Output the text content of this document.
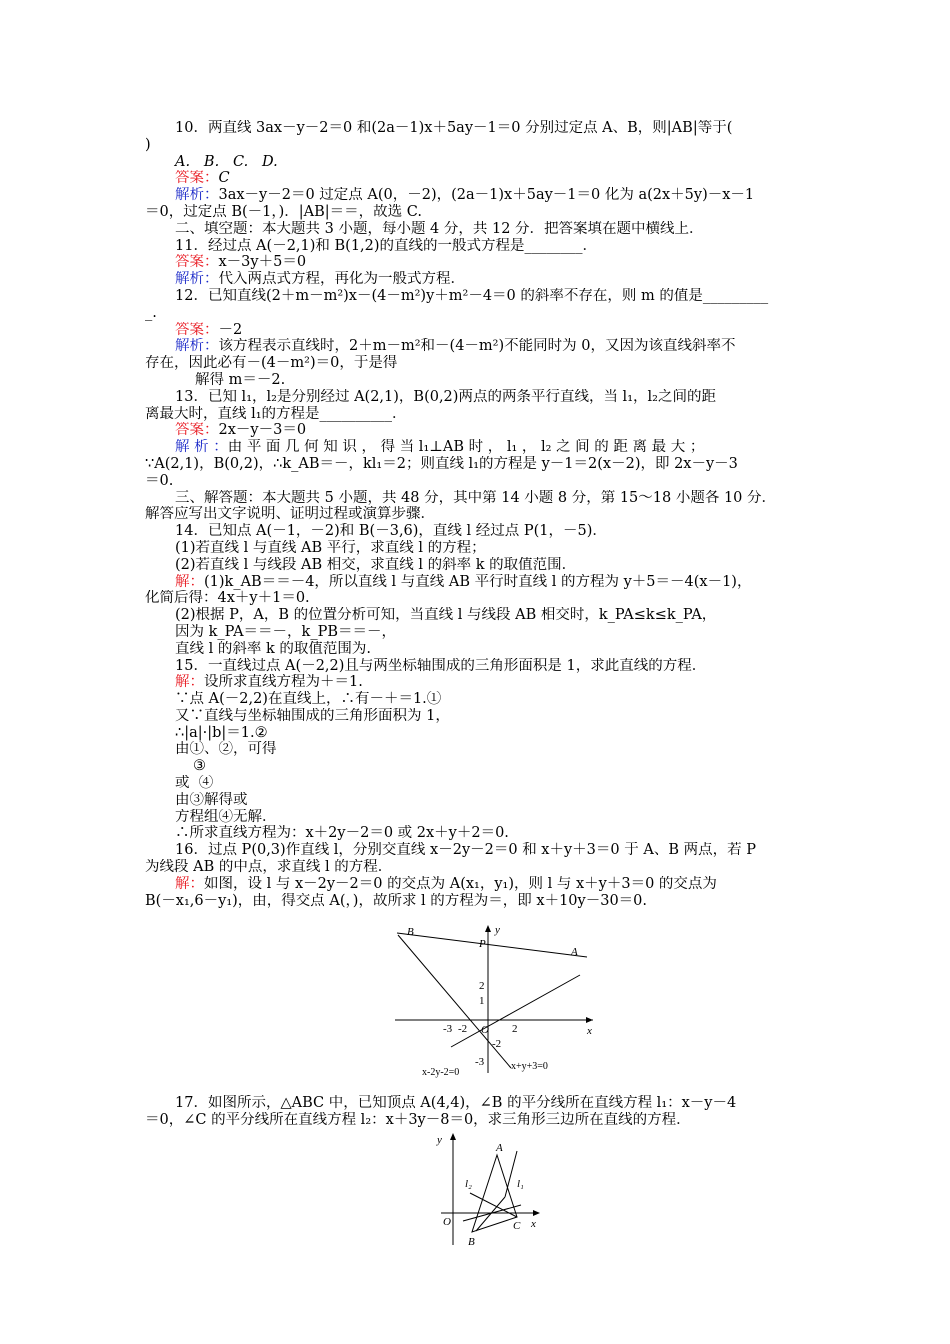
10．两直线 3ax－y－2＝0 和(2a－1)x＋5ay－1＝0 分别过定点 A、B，则|AB|等于(
)
A.   B.   C.   D.
答案：C
解析：3ax－y－2＝0 过定点 A(0，－2)，(2a－1)x＋5ay－1＝0 化为 a(2x＋5y)－x－1
＝0，过定点 B(－1，)．|AB|＝＝，故选 C.
二、填空题：本大题共 3 小题，每小题 4 分，共 12 分．把答案填在题中横线上．
11．经过点 A(－2,1)和 B(1,2)的直线的一般式方程是________．
答案：x－3y＋5＝0
解析：代入两点式方程，再化为一般式方程．
12．已知直线(2＋m－m²)x－(4－m²)y＋m²－4＝0 的斜率不存在，则 m 的值是_________
_.
答案：－2
解析：该方程表示直线时，2＋m－m²和－(4－m²)不能同时为 0，又因为该直线斜率不
存在，因此必有－(4－m²)＝0，于是得
解得 m＝－2.
13．已知 l₁，l₂是分别经过 A(2,1)，B(0,2)两点的两条平行直线，当 l₁，l₂之间的距
离最大时，直线 l₁的方程是__________．
答案：2x－y－3＝0
解 析 ：由 平 面 几 何 知 识 ， 得 当 l₁⊥AB 时 ， l₁ ， l₂ 之 间 的 距 离 最 大 ；
∵A(2,1)，B(0,2)，∴k_AB＝－，kl₁＝2；则直线 l₁的方程是 y－1＝2(x－2)，即 2x－y－3
＝0.
三、解答题：本大题共 5 小题，共 48 分，其中第 14 小题 8 分，第 15～18 小题各 10 分．
解答应写出文字说明、证明过程或演算步骤．
14．已知点 A(－1，－2)和 B(－3,6)，直线 l 经过点 P(1，－5)．
(1)若直线 l 与直线 AB 平行，求直线 l 的方程；
(2)若直线 l 与线段 AB 相交，求直线 l 的斜率 k 的取值范围．
解：(1)k_AB＝＝－4，所以直线 l 与直线 AB 平行时直线 l 的方程为 y＋5＝－4(x－1)，
化简后得：4x＋y＋1＝0.
(2)根据 P，A，B 的位置分析可知，当直线 l 与线段 AB 相交时，k_PA≤k≤k_PA，
因为 k_PA＝＝－，k_PB＝＝－，
直线 l 的斜率 k 的取值范围为.
15．一直线过点 A(－2,2)且与两坐标轴围成的三角形面积是 1，求此直线的方程．
解：设所求直线方程为＋＝1.
∵点 A(－2,2)在直线上，∴有－＋＝1.①
又∵直线与坐标轴围成的三角形面积为 1，
∴|a|·|b|＝1.②
由①、②，可得
③
或  ④
由③解得或
方程组④无解．
∴所求直线方程为：x＋2y－2＝0 或 2x＋y＋2＝0.
16．过点 P(0,3)作直线 l，分别交直线 x－2y－2＝0 和 x＋y＋3＝0 于 A、B 两点，若 P
为线段 AB 的中点，求直线 l 的方程．
解：如图，设 l 与 x－2y－2＝0 的交点为 A(x₁，y₁)，则 l 与 x＋y＋3＝0 的交点为
B(－x₁,6－y₁)，由，得交点 A(，)，故所求 l 的方程为＝，即 x＋10y－30＝0.
B
A
P
y
x
O
2
1
-2
-3
-3 -2	2
x-2y-2=0
x+y+3=0
17．如图所示，△ABC 中，已知顶点 A(4,4)，∠B 的平分线所在直线方程 l₁：x－y－4
＝0，∠C 的平分线所在直线方程 l₂：x＋3y－8＝0，求三角形三边所在直线的方程．
y
x
O
A
B
C
l₁
l₂
